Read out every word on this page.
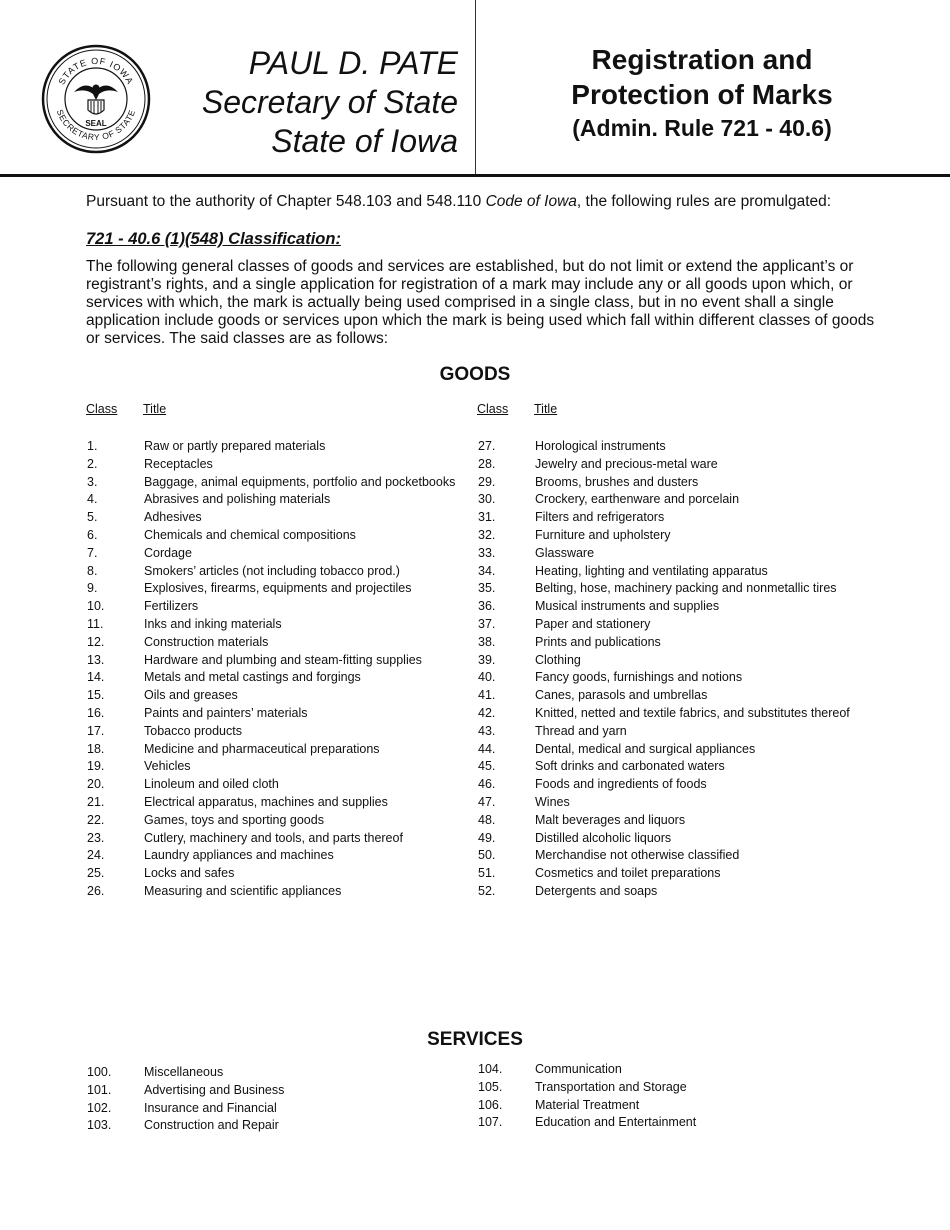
STATE OF IOWA
SECRETARY OF STATE
SEAL
PAUL D. PATE
Secretary of State
State of Iowa
Registration and
Protection of Marks
(Admin. Rule 721 - 40.6)
Pursuant to the authority of Chapter 548.103 and 548.110 Code of Iowa, the following rules are promulgated:
721 - 40.6 (1)(548) Classification:
The following general classes of goods and services are established, but do not limit or extend the applicant’s or registrant’s rights, and a single application for registration of a mark may include any or all goods upon which, or services with which, the mark is actually being used comprised in a single class, but in no event shall a single application include goods or services upon which the mark is being used which fall within different classes of goods or services. The said classes are as follows:
GOODS
Class Title	Class Title
1.	Raw or partly prepared materials
2.	Receptacles
3.	Baggage, animal equipments, portfolio and pocketbooks
4.	Abrasives and polishing materials
5.	Adhesives
6.	Chemicals and chemical compositions
7.	Cordage
8.	Smokers’ articles (not including tobacco prod.)
9.	Explosives, firearms, equipments and projectiles
10.	Fertilizers
11.	Inks and inking materials
12.	Construction materials
13.	Hardware and plumbing and steam-fitting supplies
14.	Metals and metal castings and forgings
15.	Oils and greases
16.	Paints and painters’ materials
17.	Tobacco products
18.	Medicine and pharmaceutical preparations
19.	Vehicles
20.	Linoleum and oiled cloth
21.	Electrical apparatus, machines and supplies
22.	Games, toys and sporting goods
23.	Cutlery, machinery and tools, and parts thereof
24.	Laundry appliances and machines
25.	Locks and safes
26.	Measuring and scientific appliances
27.	Horological instruments
28.	Jewelry and precious-metal ware
29.	Brooms, brushes and dusters
30.	Crockery, earthenware and porcelain
31.	Filters and refrigerators
32.	Furniture and upholstery
33.	Glassware
34.	Heating, lighting and ventilating apparatus
35.	Belting, hose, machinery packing and nonmetallic tires
36.	Musical instruments and supplies
37.	Paper and stationery
38.	Prints and publications
39.	Clothing
40.	Fancy goods, furnishings and notions
41.	Canes, parasols and umbrellas
42.	Knitted, netted and textile fabrics, and substitutes thereof
43.	Thread and yarn
44.	Dental, medical and surgical appliances
45.	Soft drinks and carbonated waters
46.	Foods and ingredients of foods
47.	Wines
48.	Malt beverages and liquors
49.	Distilled alcoholic liquors
50.	Merchandise not otherwise classified
51.	Cosmetics and toilet preparations
52.	Detergents and soaps
SERVICES
100.	Miscellaneous
101.	Advertising and Business
102.	Insurance and Financial
103.	Construction and Repair
104.	Communication
105.	Transportation and Storage
106.	Material Treatment
107.	Education and Entertainment
